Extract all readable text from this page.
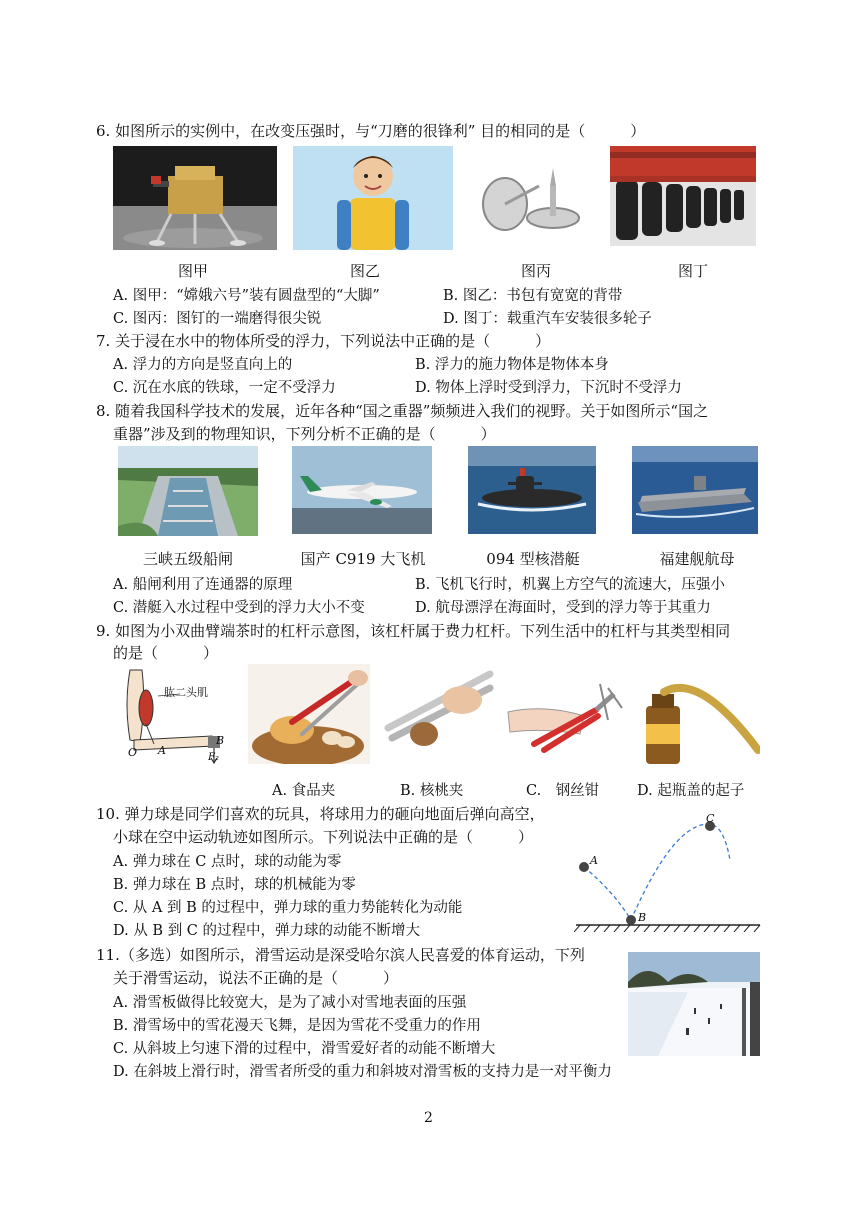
6. 如图所示的实例中，在改变压强时，与“刀磨的很锋利” 目的相同的是（　　　）
图甲	图乙	图丙	图丁
A. 图甲：“嫦娥六号”装有圆盘型的“大脚”	B. 图乙：书包有宽宽的背带
C. 图丙：图钉的一端磨得很尖锐	D. 图丁：载重汽车安装很多轮子
7. 关于浸在水中的物体所受的浮力，下列说法中正确的是（　　　）
A. 浮力的方向是竖直向上的	B. 浮力的施力物体是物体本身
C. 沉在水底的铁球，一定不受浮力	D. 物体上浮时受到浮力，下沉时不受浮力
8. 随着我国科学技术的发展，近年各种“国之重器”频频进入我们的视野。关于如图所示“国之
重器”涉及到的物理知识，下列分析不正确的是（　　　）
三峡五级船闸	国产 C919 大飞机	094 型核潜艇	福建舰航母
A. 船闸利用了连通器的原理	B. 飞机飞行时，机翼上方空气的流速大，压强小
C. 潜艇入水过程中受到的浮力大小不变	D. 航母漂浮在海面时，受到的浮力等于其重力
9. 如图为小双曲臂端茶时的杠杆示意图，该杠杆属于费力杠杆。下列生活中的杠杆与其类型相同
的是（　　　）
肱二头肌
O A
B
F₂
A. 食品夹	B. 核桃夹	C.　钢丝钳	D. 起瓶盖的起子
10. 弹力球是同学们喜欢的玩具，将球用力的砸向地面后弹向高空，
小球在空中运动轨迹如图所示。下列说法中正确的是（　　　）
A. 弹力球在 C 点时，球的动能为零
B. 弹力球在 B 点时，球的机械能为零
C. 从 A 到 B 的过程中，弹力球的重力势能转化为动能
D. 从 B 到 C 的过程中，弹力球的动能不断增大
A
B
C
11.（多选）如图所示，滑雪运动是深受哈尔滨人民喜爱的体育运动，下列
关于滑雪运动，说法不正确的是（　　　）
A. 滑雪板做得比较宽大，是为了减小对雪地表面的压强
B. 滑雪场中的雪花漫天飞舞，是因为雪花不受重力的作用
C. 从斜坡上匀速下滑的过程中，滑雪爱好者的动能不断增大
D. 在斜坡上滑行时，滑雪者所受的重力和斜坡对滑雪板的支持力是一对平衡力
2
